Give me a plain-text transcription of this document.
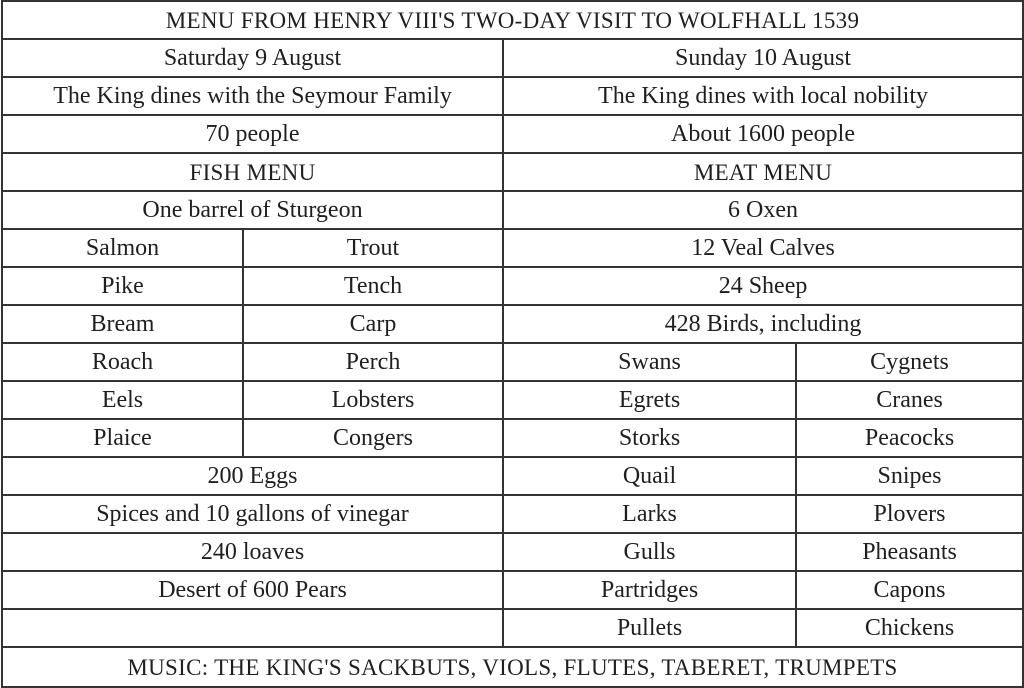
MENU FROM HENRY VIII'S TWO-DAY VISIT TO WOLFHALL 1539			
Saturday 9 August		Sunday 10 August	
The King dines with the Seymour Family		The King dines with local nobility	
70 people		About 1600 people	
FISH MENU		MEAT MENU	
One barrel of Sturgeon		6 Oxen	
Salmon	Trout	12 Veal Calves	
Pike	Tench	24 Sheep	
Bream	Carp	428 Birds, including	
Roach	Perch	Swans	Cygnets
Eels	Lobsters	Egrets	Cranes
Plaice	Congers	Storks	Peacocks
200 Eggs		Quail	Snipes
Spices and 10 gallons of vinegar		Larks	Plovers
240 loaves		Gulls	Pheasants
Desert of 600 Pears		Partridges	Capons
		Pullets	Chickens
MUSIC: THE KING'S SACKBUTS, VIOLS, FLUTES, TABERET, TRUMPETS			
